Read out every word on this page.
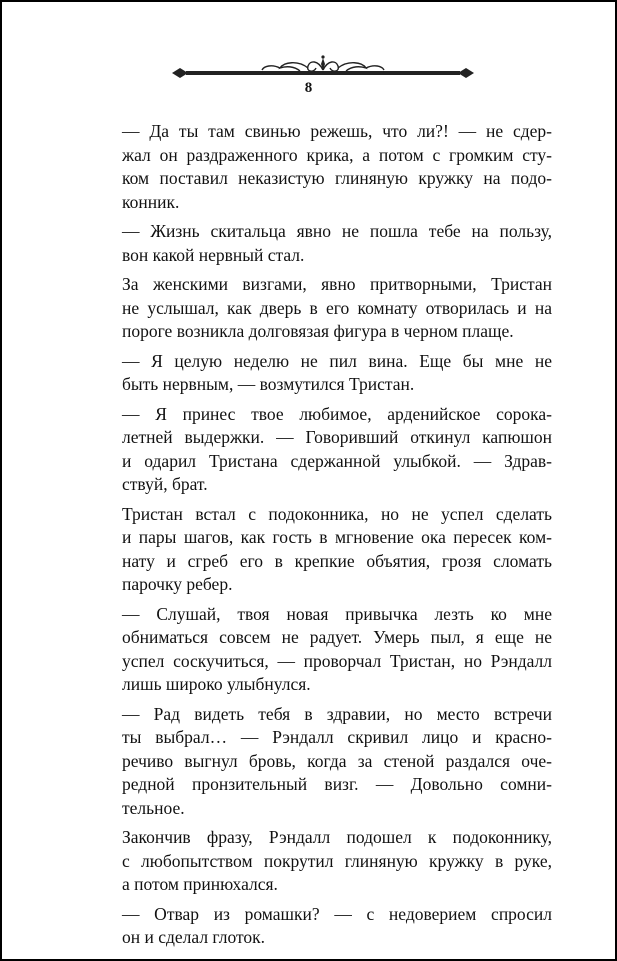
8
— Да ты там свинью режешь, что ли?! — не сдер-
жал он раздраженного крика, а потом с громким сту-
ком поставил неказистую глиняную кружку на подо-
конник.
— Жизнь скитальца явно не пошла тебе на пользу,
вон какой нервный стал.
За женскими визгами, явно притворными, Тристан
не услышал, как дверь в его комнату отворилась и на
пороге возникла долговязая фигура в черном плаще.
— Я целую неделю не пил вина. Еще бы мне не
быть нервным, — возмутился Тристан.
— Я принес твое любимое, арденийское сорока-
летней выдержки. — Говоривший откинул капюшон
и одарил Тристана сдержанной улыбкой. — Здрав-
ствуй, брат.
Тристан встал с подоконника, но не успел сделать
и пары шагов, как гость в мгновение ока пересек ком-
нату и сгреб его в крепкие объятия, грозя сломать
парочку ребер.
— Слушай, твоя новая привычка лезть ко мне
обниматься совсем не радует. Умерь пыл, я еще не
успел соскучиться, — проворчал Тристан, но Рэндалл
лишь широко улыбнулся.
— Рад видеть тебя в здравии, но место встречи
ты выбрал… — Рэндалл скривил лицо и красно-
речиво выгнул бровь, когда за стеной раздался оче-
редной пронзительный визг. — Довольно сомни-
тельное.
Закончив фразу, Рэндалл подошел к подоконнику,
с любопытством покрутил глиняную кружку в руке,
а потом принюхался.
— Отвар из ромашки? — с недоверием спросил
он и сделал глоток.
